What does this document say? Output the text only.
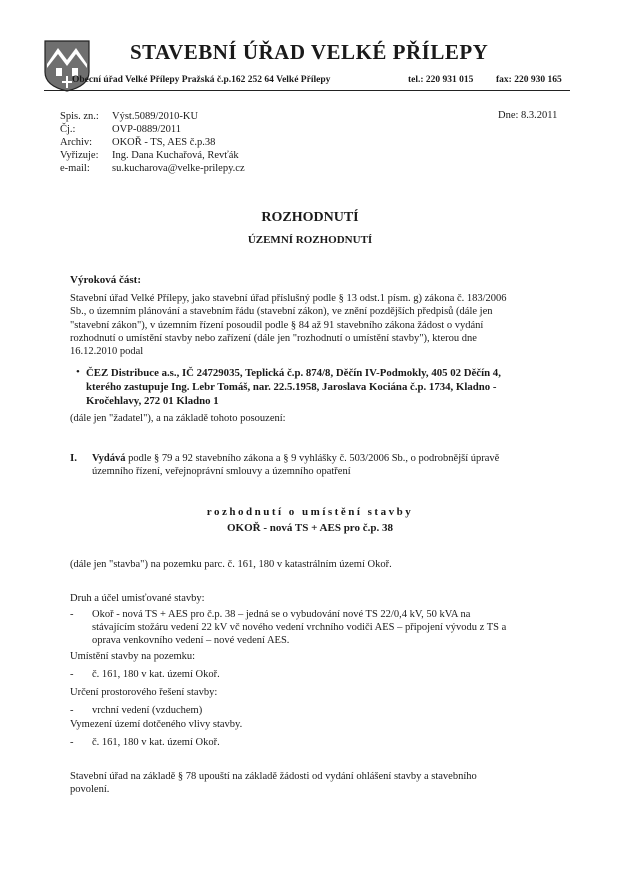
STAVEBNÍ ÚŘAD VELKÉ PŘÍLEPY
Obecní úřad Velké Přílepy Pražská č.p.162 252 64 Velké Přílepy	tel.: 220 931 015 fax: 220 930 165
Spis. zn.:	Výst.5089/2010-KU
Čj.:	OVP-0889/2011
Archiv:	OKOŘ - TS, AES č.p.38
Vyřizuje:	Ing. Dana Kuchařová, Revťák
e-mail:	su.kucharova@velke-prilepy.cz
Dne: 8.3.2011
ROZHODNUTÍ
ÚZEMNÍ ROZHODNUTÍ
Výroková část:
Stavební úřad Velké Přílepy, jako stavební úřad příslušný podle § 13 odst.1 písm. g) zákona č. 183/2006
Sb., o územním plánování a stavebním řádu (stavební zákon), ve znění pozdějších předpisů (dále jen
"stavební zákon"), v územním řízení posoudil podle § 84 až 91 stavebního zákona žádost o vydání
rozhodnutí o umístění stavby nebo zařízení (dále jen "rozhodnutí o umístění stavby"), kterou dne
16.12.2010 podal
• ČEZ Distribuce a.s., IČ 24729035, Teplická č.p. 874/8, Děčín IV-Podmokly, 405 02 Děčín 4,
kterého zastupuje Ing. Lebr Tomáš, nar. 22.5.1958, Jaroslava Kociána č.p. 1734, Kladno -
Kročehlavy, 272 01 Kladno 1
(dále jen "žadatel"), a na základě tohoto posouzení:
I. Vydává podle § 79 a 92 stavebního zákona a § 9 vyhlášky č. 503/2006 Sb., o podrobnější úpravě
územního řízení, veřejnoprávní smlouvy a územního opatření
rozhodnutí o umístění stavby
OKOŘ - nová TS + AES pro č.p. 38
(dále jen "stavba") na pozemku parc. č. 161, 180 v katastrálním území Okoř.
Druh a účel umisťované stavby:
-	Okoř - nová TS + AES pro č.p. 38 – jedná se o vybudování nové TS 22/0,4 kV, 50 kVA na
stávajícím stožáru vedení 22 kV vč nového vedení vrchního vodiči AES – připojení vývodu z TS a
oprava venkovního vedení – nové vedení AES.
Umístění stavby na pozemku:
-	č. 161, 180 v kat. území Okoř.
Určení prostorového řešení stavby:
-	vrchní vedení (vzduchem)
Vymezení území dotčeného vlivy stavby.
-	č. 161, 180 v kat. území Okoř.
Stavební úřad na základě § 78 upouští na základě žádosti od vydání ohlášení stavby a stavebního
povolení.
